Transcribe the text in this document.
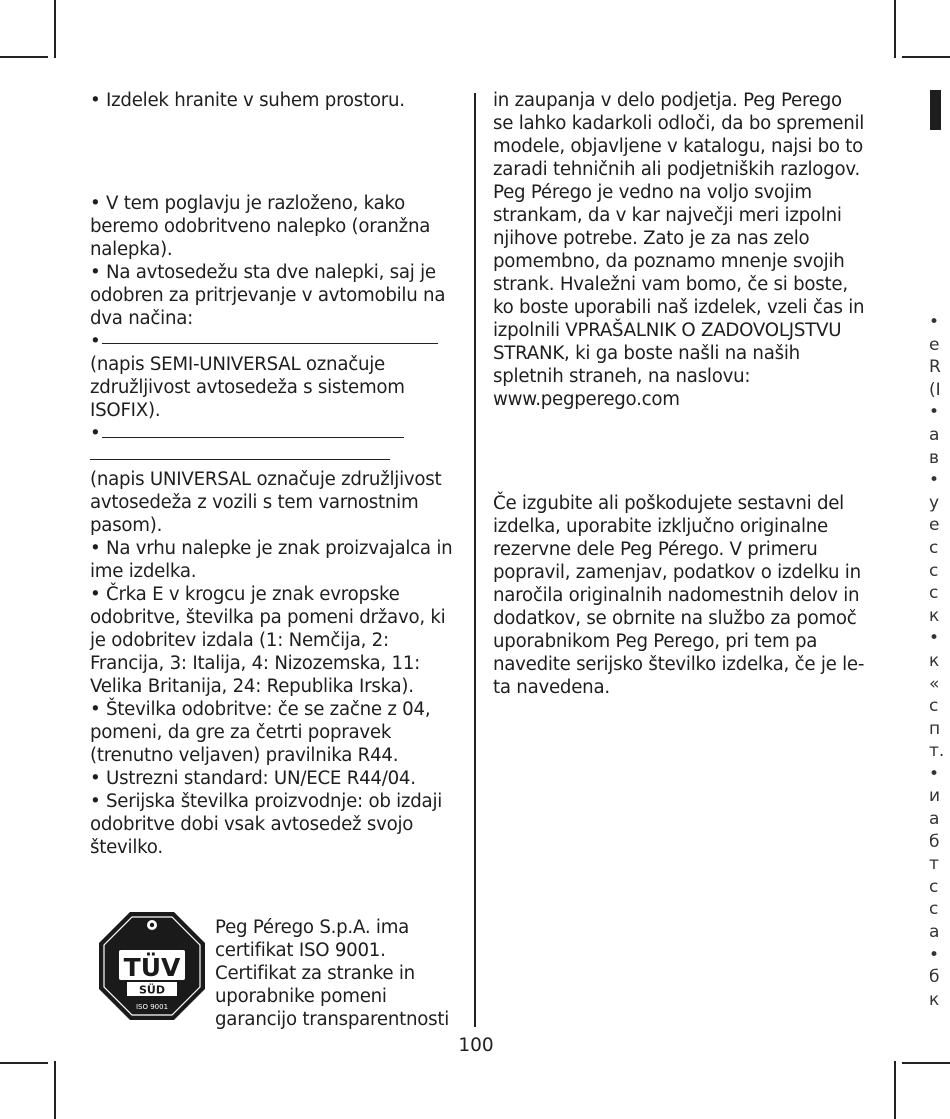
• Izdelek hranite v suhem prostoru.

• V tem poglavju je razloženo, kako beremo odobritveno nalepko (oranžna nalepka).

• Na avtosedežu sta dve nalepki, saj je odobren za pritrjevanje v avtomobilu na dva načina:

•

(napis SEMI-UNIVERSAL označuje združljivost avtosedeža s sistemom ISOFIX).

•

(napis UNIVERSAL označuje združljivost avtosedeža z vozili s tem varnostnim pasom).

• Na vrhu nalepke je znak proizvajalca in ime izdelka.

• Črka E v krogcu je znak evropske odobritve, številka pa pomeni državo, ki je odobritev izdala (1: Nemčija, 2: Francija, 3: Italija, 4: Nizozemska, 11: Velika Britanija, 24: Republika Irska).

• Številka odobritve: če se začne z 04, pomeni, da gre za četrti popravek (trenutno veljaven) pravilnika R44.

• Ustrezni standard: UN/ECE R44/04.

• Serijska številka proizvodnje: ob izdaji odobritve dobi vsak avtosedež svojo številko.

TÜV
SÜD
ISO 9001

Peg Pérego S.p.A. ima certifikat ISO 9001. Certifikat za stranke in uporabnike pomeni garancijo transparentnosti

in zaupanja v delo podjetja. Peg Perego se lahko kadarkoli odloči, da bo spremenil modele, objavljene v katalogu, najsi bo to zaradi tehničnih ali podjetniških razlogov. Peg Pérego je vedno na voljo svojim strankam, da v kar največji meri izpolni njihove potrebe. Zato je za nas zelo pomembno, da poznamo mnenje svojih strank. Hvaležni vam bomo, če si boste, ko boste uporabili naš izdelek, vzeli čas in izpolnili VPRAŠALNIK O ZADOVOLJSTVU STRANK, ki ga boste našli na naših spletnih straneh, na naslovu: www.pegperego.com

Če izgubite ali poškodujete sestavni del izdelka, uporabite izključno originalne rezervne dele Peg Pérego. V primeru popravil, zamenjav, podatkov o izdelku in naročila originalnih nadomestnih delov in dodatkov, se obrnite na službo za pomoč uporabnikom Peg Perego, pri tem pa navedite serijsko številko izdelka, če je le-ta navedena.

100
•
e
R
(I
•
а
в
•
у
е
с
с
с
к
•
к
«
с
п
т.
•
и
а
б
т
с
с
а
•
б
к
